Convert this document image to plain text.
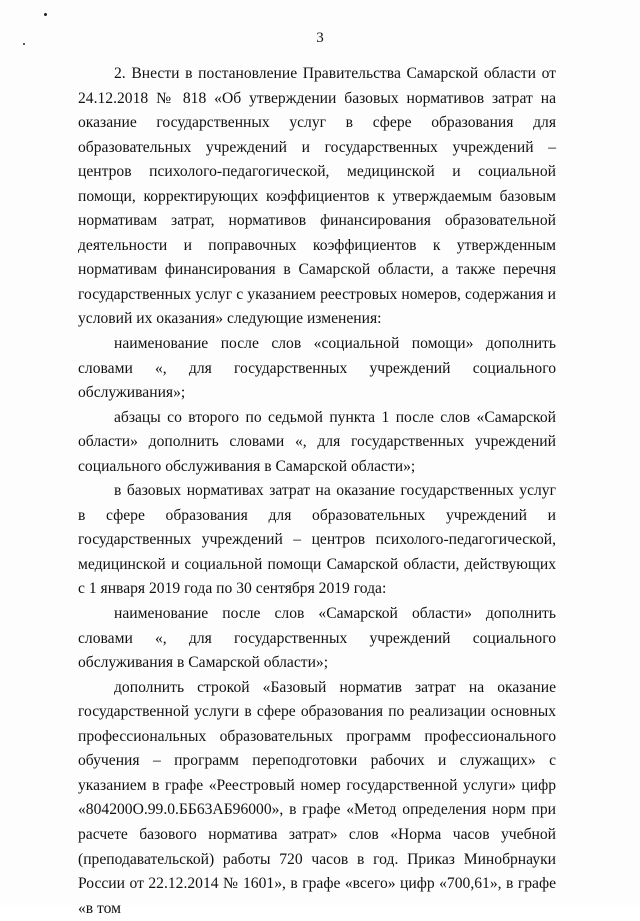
3

2. Внести в постановление Правительства Самарской области от 24.12.2018 № 818 «Об утверждении базовых нормативов затрат на оказание государственных услуг в сфере образования для образовательных учреждений и государственных учреждений – центров психолого-педагогической, медицинской и социальной помощи, корректирующих коэффициентов к утверждаемым базовым нормативам затрат, нормативов финансирования образовательной деятельности и поправочных коэффициентов к утвержденным нормативам финансирования в Самарской области, а также перечня государственных услуг с указанием реестровых номеров, содержания и условий их оказания» следующие изменения:

наименование после слов «социальной помощи» дополнить словами «, для государственных учреждений социального обслуживания»;

абзацы со второго по седьмой пункта 1 после слов «Самарской области» дополнить словами «, для государственных учреждений социального обслуживания в Самарской области»;

в базовых нормативах затрат на оказание государственных услуг в сфере образования для образовательных учреждений и государственных учреждений – центров психолого-педагогической, медицинской и социальной помощи Самарской области, действующих с 1 января 2019 года по 30 сентября 2019 года:

наименование после слов «Самарской области» дополнить словами «, для государственных учреждений социального обслуживания в Самарской области»;

дополнить строкой «Базовый норматив затрат на оказание государственной услуги в сфере образования по реализации основных профессиональных образовательных программ профессионального обучения – программ переподготовки рабочих и служащих» с указанием в графе «Реестровый номер государственной услуги» цифр «804200О.99.0.ББ63АБ96000», в графе «Метод определения норм при расчете базового норматива затрат» слов «Норма часов учебной (преподавательской) работы 720 часов в год. Приказ Минобрнауки России от 22.12.2014 № 1601», в графе «всего» цифр «700,61», в графе «в том
